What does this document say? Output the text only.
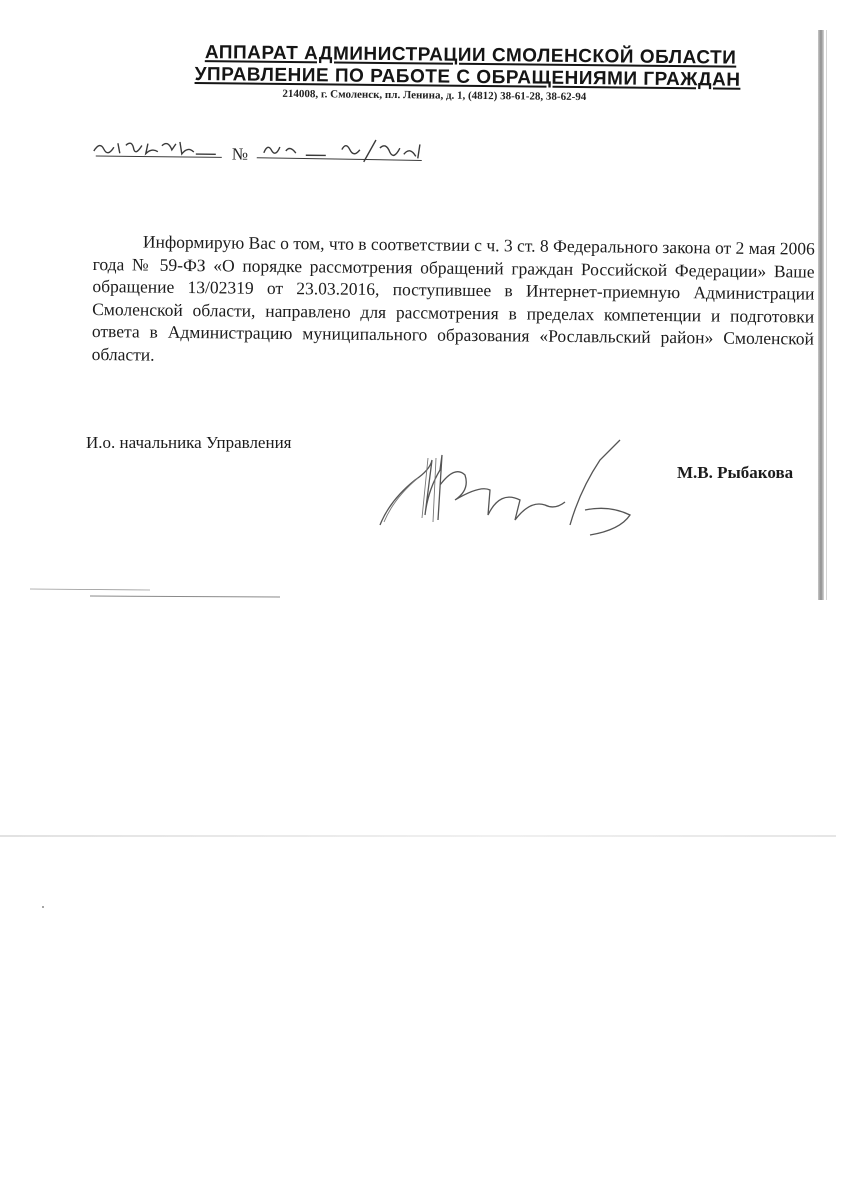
АППАРАТ АДМИНИСТРАЦИИ СМОЛЕНСКОЙ ОБЛАСТИ
УПРАВЛЕНИЕ ПО РАБОТЕ С ОБРАЩЕНИЯМИ ГРАЖДАН
214008, г. Смоленск, пл. Ленина, д. 1, (4812) 38-61-28, 38-62-94
№
Информирую Вас о том, что в соответствии с ч. 3 ст. 8 Федерального закона от 2 мая 2006 года № 59-ФЗ «О порядке рассмотрения обращений граждан Российской Федерации» Ваше обращение 13/02319 от 23.03.2016, поступившее в Интернет-приемную Администрации Смоленской области, направлено для рассмотрения в пределах компетенции и подготовки ответа в Администрацию муниципального образования «Рославльский район» Смоленской области.
И.о. начальника Управления
М.В. Рыбакова
